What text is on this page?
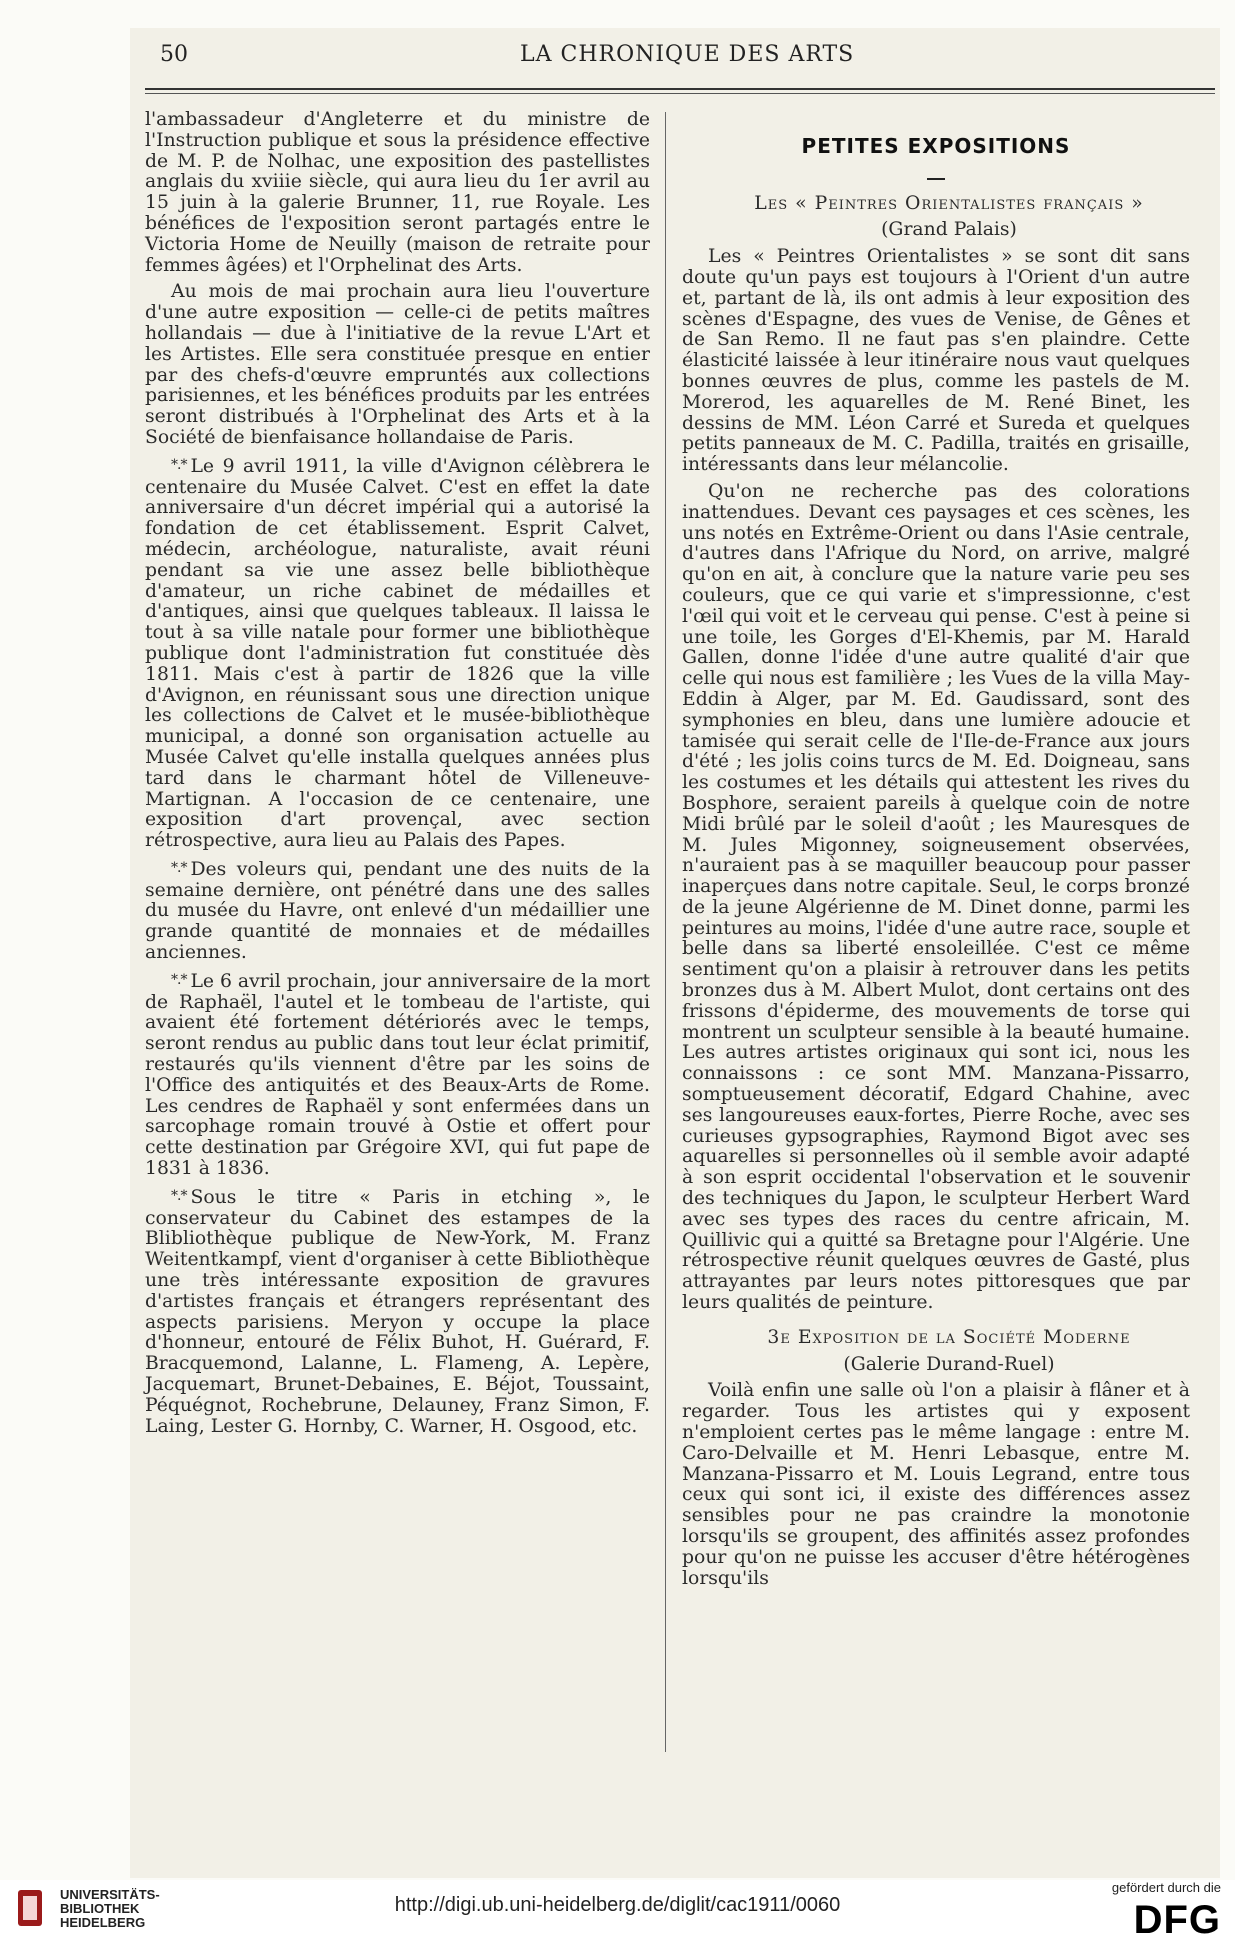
50	LA CHRONIQUE DES ARTS

l'ambassadeur d'Angleterre et du ministre de l'Instruction publique et sous la présidence effective de M. P. de Nolhac, une exposition des pastellistes anglais du xviiie siècle, qui aura lieu du 1er avril au 15 juin à la galerie Brunner, 11, rue Royale. Les bénéfices de l'exposition seront partagés entre le Victoria Home de Neuilly (maison de retraite pour femmes âgées) et l'Orphelinat des Arts.

Au mois de mai prochain aura lieu l'ouverture d'une autre exposition — celle-ci de petits maîtres hollandais — due à l'initiative de la revue L'Art et les Artistes. Elle sera constituée presque en entier par des chefs-d'œuvre empruntés aux collections parisiennes, et les bénéfices produits par les entrées seront distribués à l'Orphelinat des Arts et à la Société de bienfaisance hollandaise de Paris.

*.* Le 9 avril 1911, la ville d'Avignon célèbrera le centenaire du Musée Calvet. C'est en effet la date anniversaire d'un décret impérial qui a autorisé la fondation de cet établissement. Esprit Calvet, médecin, archéologue, naturaliste, avait réuni pendant sa vie une assez belle bibliothèque d'amateur, un riche cabinet de médailles et d'antiques, ainsi que quelques tableaux. Il laissa le tout à sa ville natale pour former une bibliothèque publique dont l'administration fut constituée dès 1811. Mais c'est à partir de 1826 que la ville d'Avignon, en réunissant sous une direction unique les collections de Calvet et le musée-bibliothèque municipal, a donné son organisation actuelle au Musée Calvet qu'elle installa quelques années plus tard dans le charmant hôtel de Villeneuve-Martignan. A l'occasion de ce centenaire, une exposition d'art provençal, avec section rétrospective, aura lieu au Palais des Papes.

*.* Des voleurs qui, pendant une des nuits de la semaine dernière, ont pénétré dans une des salles du musée du Havre, ont enlevé d'un médaillier une grande quantité de monnaies et de médailles anciennes.

*.* Le 6 avril prochain, jour anniversaire de la mort de Raphaël, l'autel et le tombeau de l'artiste, qui avaient été fortement détériorés avec le temps, seront rendus au public dans tout leur éclat primitif, restaurés qu'ils viennent d'être par les soins de l'Office des antiquités et des Beaux-Arts de Rome. Les cendres de Raphaël y sont enfermées dans un sarcophage romain trouvé à Ostie et offert pour cette destination par Grégoire XVI, qui fut pape de 1831 à 1836.

*.* Sous le titre « Paris in etching », le conservateur du Cabinet des estampes de la Blibliothèque publique de New-York, M. Franz Weitentkampf, vient d'organiser à cette Bibliothèque une très intéressante exposition de gravures d'artistes français et étrangers représentant des aspects parisiens. Meryon y occupe la place d'honneur, entouré de Félix Buhot, H. Guérard, F. Bracquemond, Lalanne, L. Flameng, A. Lepère, Jacquemart, Brunet-Debaines, E. Béjot, Toussaint, Péquégnot, Rochebrune, Delauney, Franz Simon, F. Laing, Lester G. Hornby, C. Warner, H. Osgood, etc.

PETITES EXPOSITIONS

Les « Peintres Orientalistes français »

(Grand Palais)

Les « Peintres Orientalistes » se sont dit sans doute qu'un pays est toujours à l'Orient d'un autre et, partant de là, ils ont admis à leur exposition des scènes d'Espagne, des vues de Venise, de Gênes et de San Remo. Il ne faut pas s'en plaindre. Cette élasticité laissée à leur itinéraire nous vaut quelques bonnes œuvres de plus, comme les pastels de M. Morerod, les aquarelles de M. René Binet, les dessins de MM. Léon Carré et Sureda et quelques petits panneaux de M. C. Padilla, traités en grisaille, intéressants dans leur mélancolie.

Qu'on ne recherche pas des colorations inattendues. Devant ces paysages et ces scènes, les uns notés en Extrême-Orient ou dans l'Asie centrale, d'autres dans l'Afrique du Nord, on arrive, malgré qu'on en ait, à conclure que la nature varie peu ses couleurs, que ce qui varie et s'impressionne, c'est l'œil qui voit et le cerveau qui pense. C'est à peine si une toile, les Gorges d'El-Khemis, par M. Harald Gallen, donne l'idée d'une autre qualité d'air que celle qui nous est familière ; les Vues de la villa May-Eddin à Alger, par M. Ed. Gaudissard, sont des symphonies en bleu, dans une lumière adoucie et tamisée qui serait celle de l'Ile-de-France aux jours d'été ; les jolis coins turcs de M. Ed. Doigneau, sans les costumes et les détails qui attestent les rives du Bosphore, seraient pareils à quelque coin de notre Midi brûlé par le soleil d'août ; les Mauresques de M. Jules Migonney, soigneusement observées, n'auraient pas à se maquiller beaucoup pour passer inaperçues dans notre capitale. Seul, le corps bronzé de la jeune Algérienne de M. Dinet donne, parmi les peintures au moins, l'idée d'une autre race, souple et belle dans sa liberté ensoleillée. C'est ce même sentiment qu'on a plaisir à retrouver dans les petits bronzes dus à M. Albert Mulot, dont certains ont des frissons d'épiderme, des mouvements de torse qui montrent un sculpteur sensible à la beauté humaine. Les autres artistes originaux qui sont ici, nous les connaissons : ce sont MM. Manzana-Pissarro, somptueusement décoratif, Edgard Chahine, avec ses langoureuses eaux-fortes, Pierre Roche, avec ses curieuses gypsographies, Raymond Bigot avec ses aquarelles si personnelles où il semble avoir adapté à son esprit occidental l'observation et le souvenir des techniques du Japon, le sculpteur Herbert Ward avec ses types des races du centre africain, M. Quillivic qui a quitté sa Bretagne pour l'Algérie. Une rétrospective réunit quelques œuvres de Gasté, plus attrayantes par leurs notes pittoresques que par leurs qualités de peinture.

3e Exposition de la Société Moderne

(Galerie Durand-Ruel)

Voilà enfin une salle où l'on a plaisir à flâner et à regarder. Tous les artistes qui y exposent n'emploient certes pas le même langage : entre M. Caro-Delvaille et M. Henri Lebasque, entre M. Manzana-Pissarro et M. Louis Legrand, entre tous ceux qui sont ici, il existe des différences assez sensibles pour ne pas craindre la monotonie lorsqu'ils se groupent, des affinités assez profondes pour qu'on ne puisse les accuser d'être hétérogènes lorsqu'ils

UNIVERSITÄTS-
BIBLIOTHEK
HEIDELBERG
http://digi.ub.uni-heidelberg.de/diglit/cac1911/0060
gefördert durch die
DFG
